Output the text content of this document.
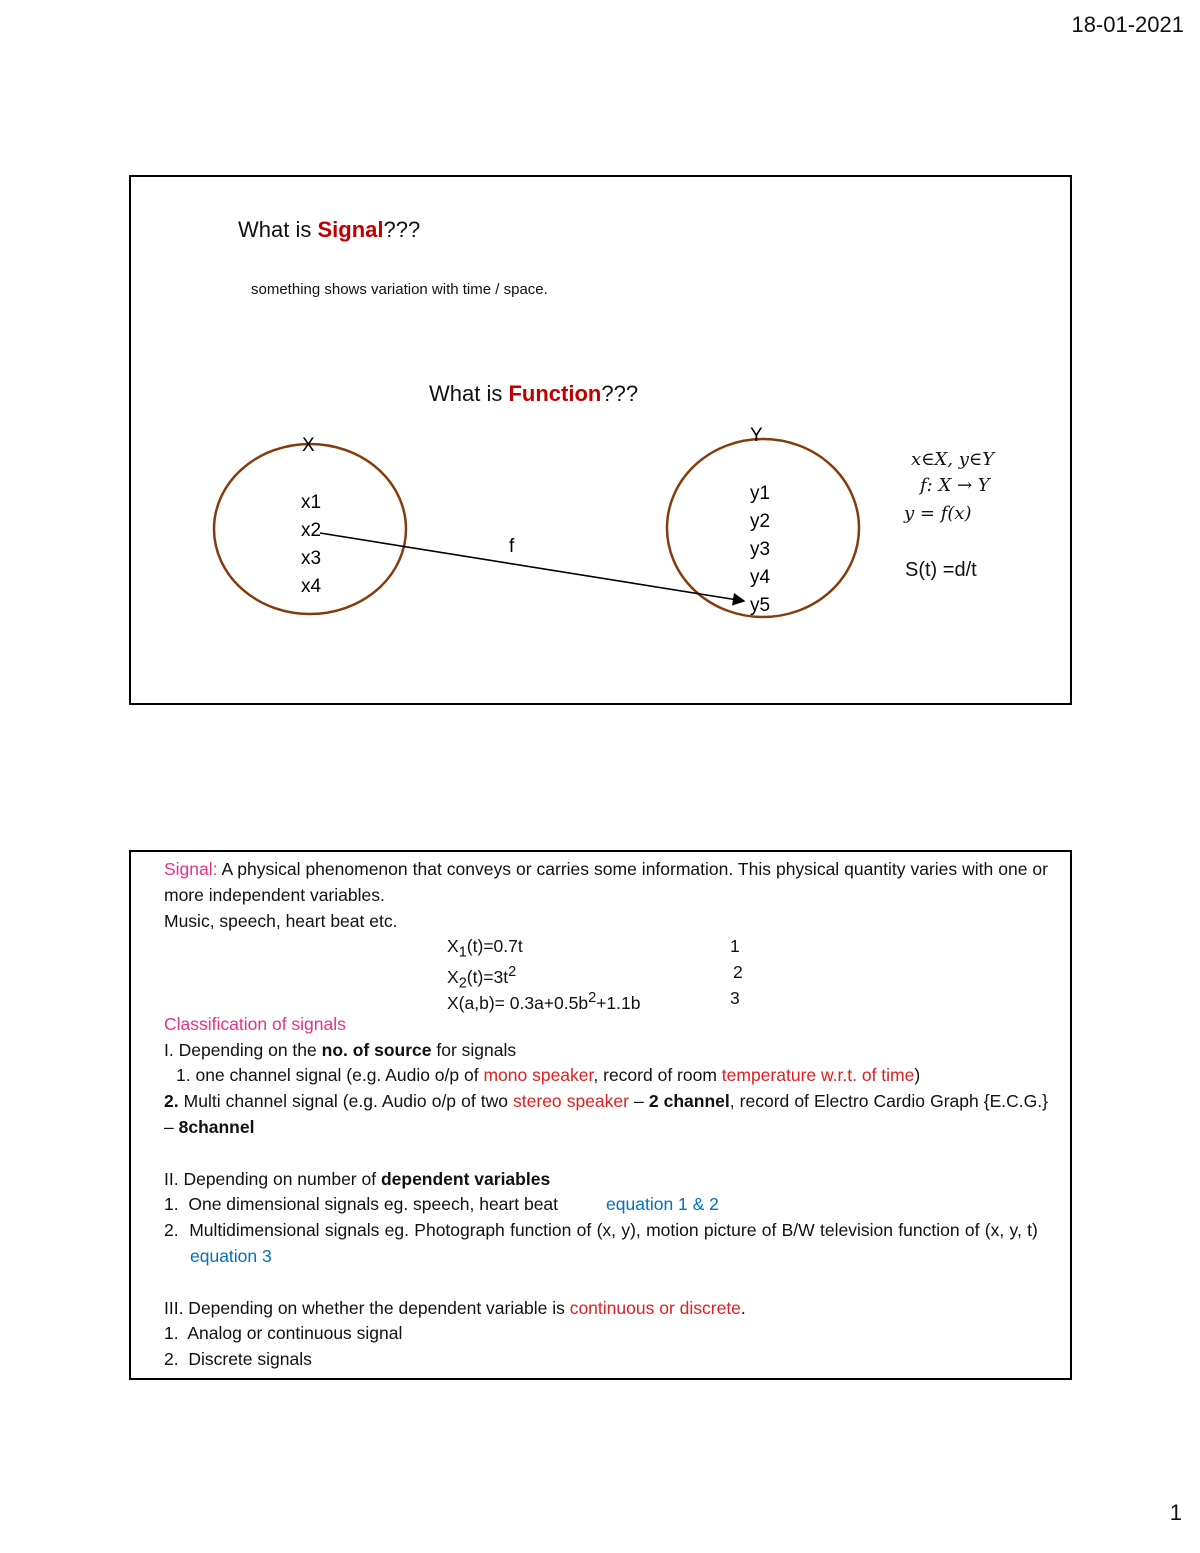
18-01-2021
What is Signal???
something shows variation with time / space.
What is Function???
X	Y
x1
x2
x3
x4
y1
y2
y3
y4
y5
f
x∈X, y∈Y
f: X → Y
y = f(x)
S(t) =d/t

Signal: A physical phenomenon that conveys or carries some information. This physical quantity varies with one or more independent variables.

Music, speech, heart beat etc.

$X_1(t)=0.7t$	1
$X_2(t)=3t^2$	2
$X(a,b)= 0.3a+0.5b^2+1.1b$	3

Classification of signals

I. Depending on the no. of source for signals

1. one channel signal (e.g. Audio o/p of mono speaker, record of room temperature w.r.t. of time)

2. Multi channel signal (e.g. Audio o/p of two stereo speaker – 2 channel, record of Electro Cardio Graph {E.C.G.} – 8channel

II. Depending on number of dependent variables

1. One dimensional signals eg. speech, heart beat	equation 1 & 2

2. Multidimensional signals eg. Photograph function of (x, y), motion picture of B/W television function of (x, y, t)   equation 3

III. Depending on whether the dependent variable is continuous or discrete.

1. Analog or continuous signal

2. Discrete signals

1
